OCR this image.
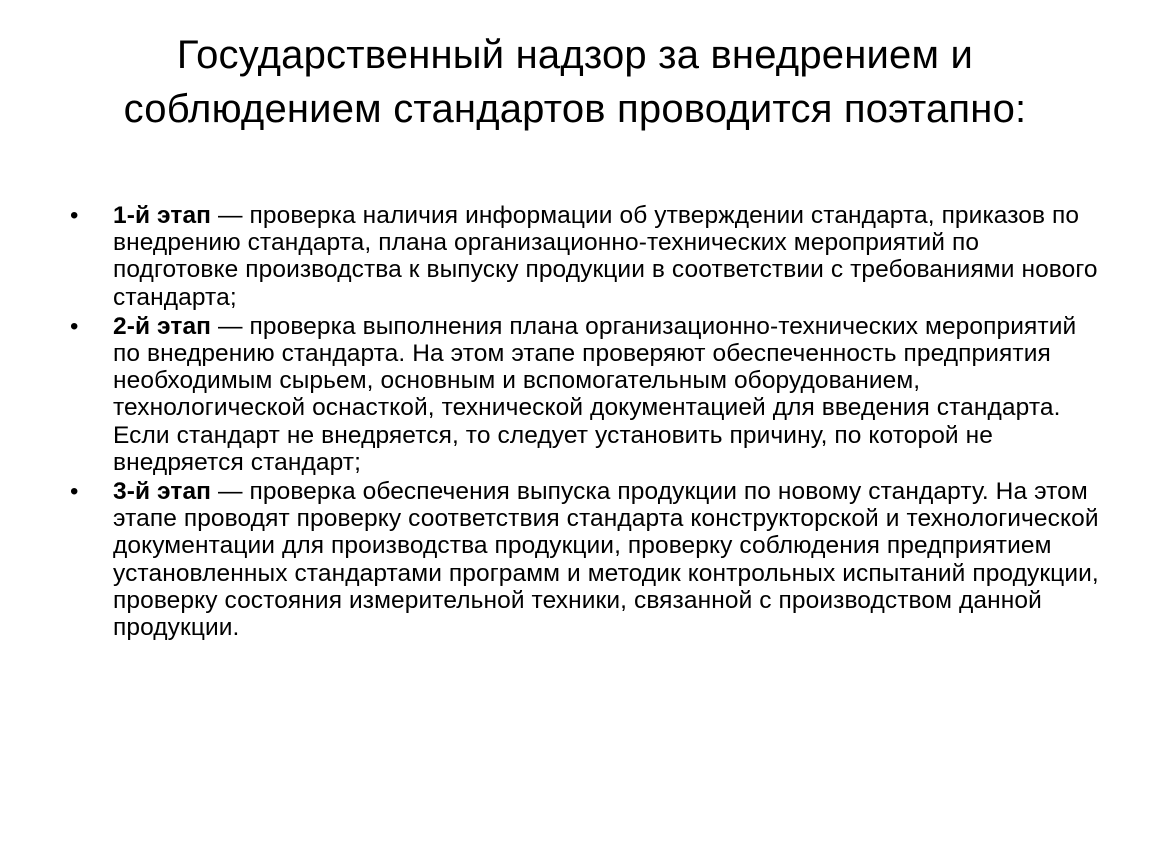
Государственный надзор за внедрением и
соблюдением стандартов проводится поэтапно:
•	1-й этап — проверка наличия информации об утверждении стандарта, приказов по внедрению стандарта, плана организационно-технических мероприятий по подготовке производства к выпуску продукции в соответствии с требованиями нового стандарта;
•	2-й этап — проверка выполнения плана организационно-технических мероприятий по внедрению стандарта. На этом этапе проверяют обеспеченность предприятия необходимым сырьем, основным и вспомогательным оборудованием, технологической оснасткой, технической документацией для введения стандарта. Если стандарт не внедряется, то следует установить причину, по которой не внедряется стандарт;
•	3-й этап — проверка обеспечения выпуска продукции по новому стандарту. На этом этапе проводят проверку соответствия стандарта конструкторской и технологической документации для производства продукции, проверку соблюдения предприятием установленных стандартами программ и методик контрольных испытаний продукции, проверку состояния измерительной техники, связанной с производством данной продукции.
